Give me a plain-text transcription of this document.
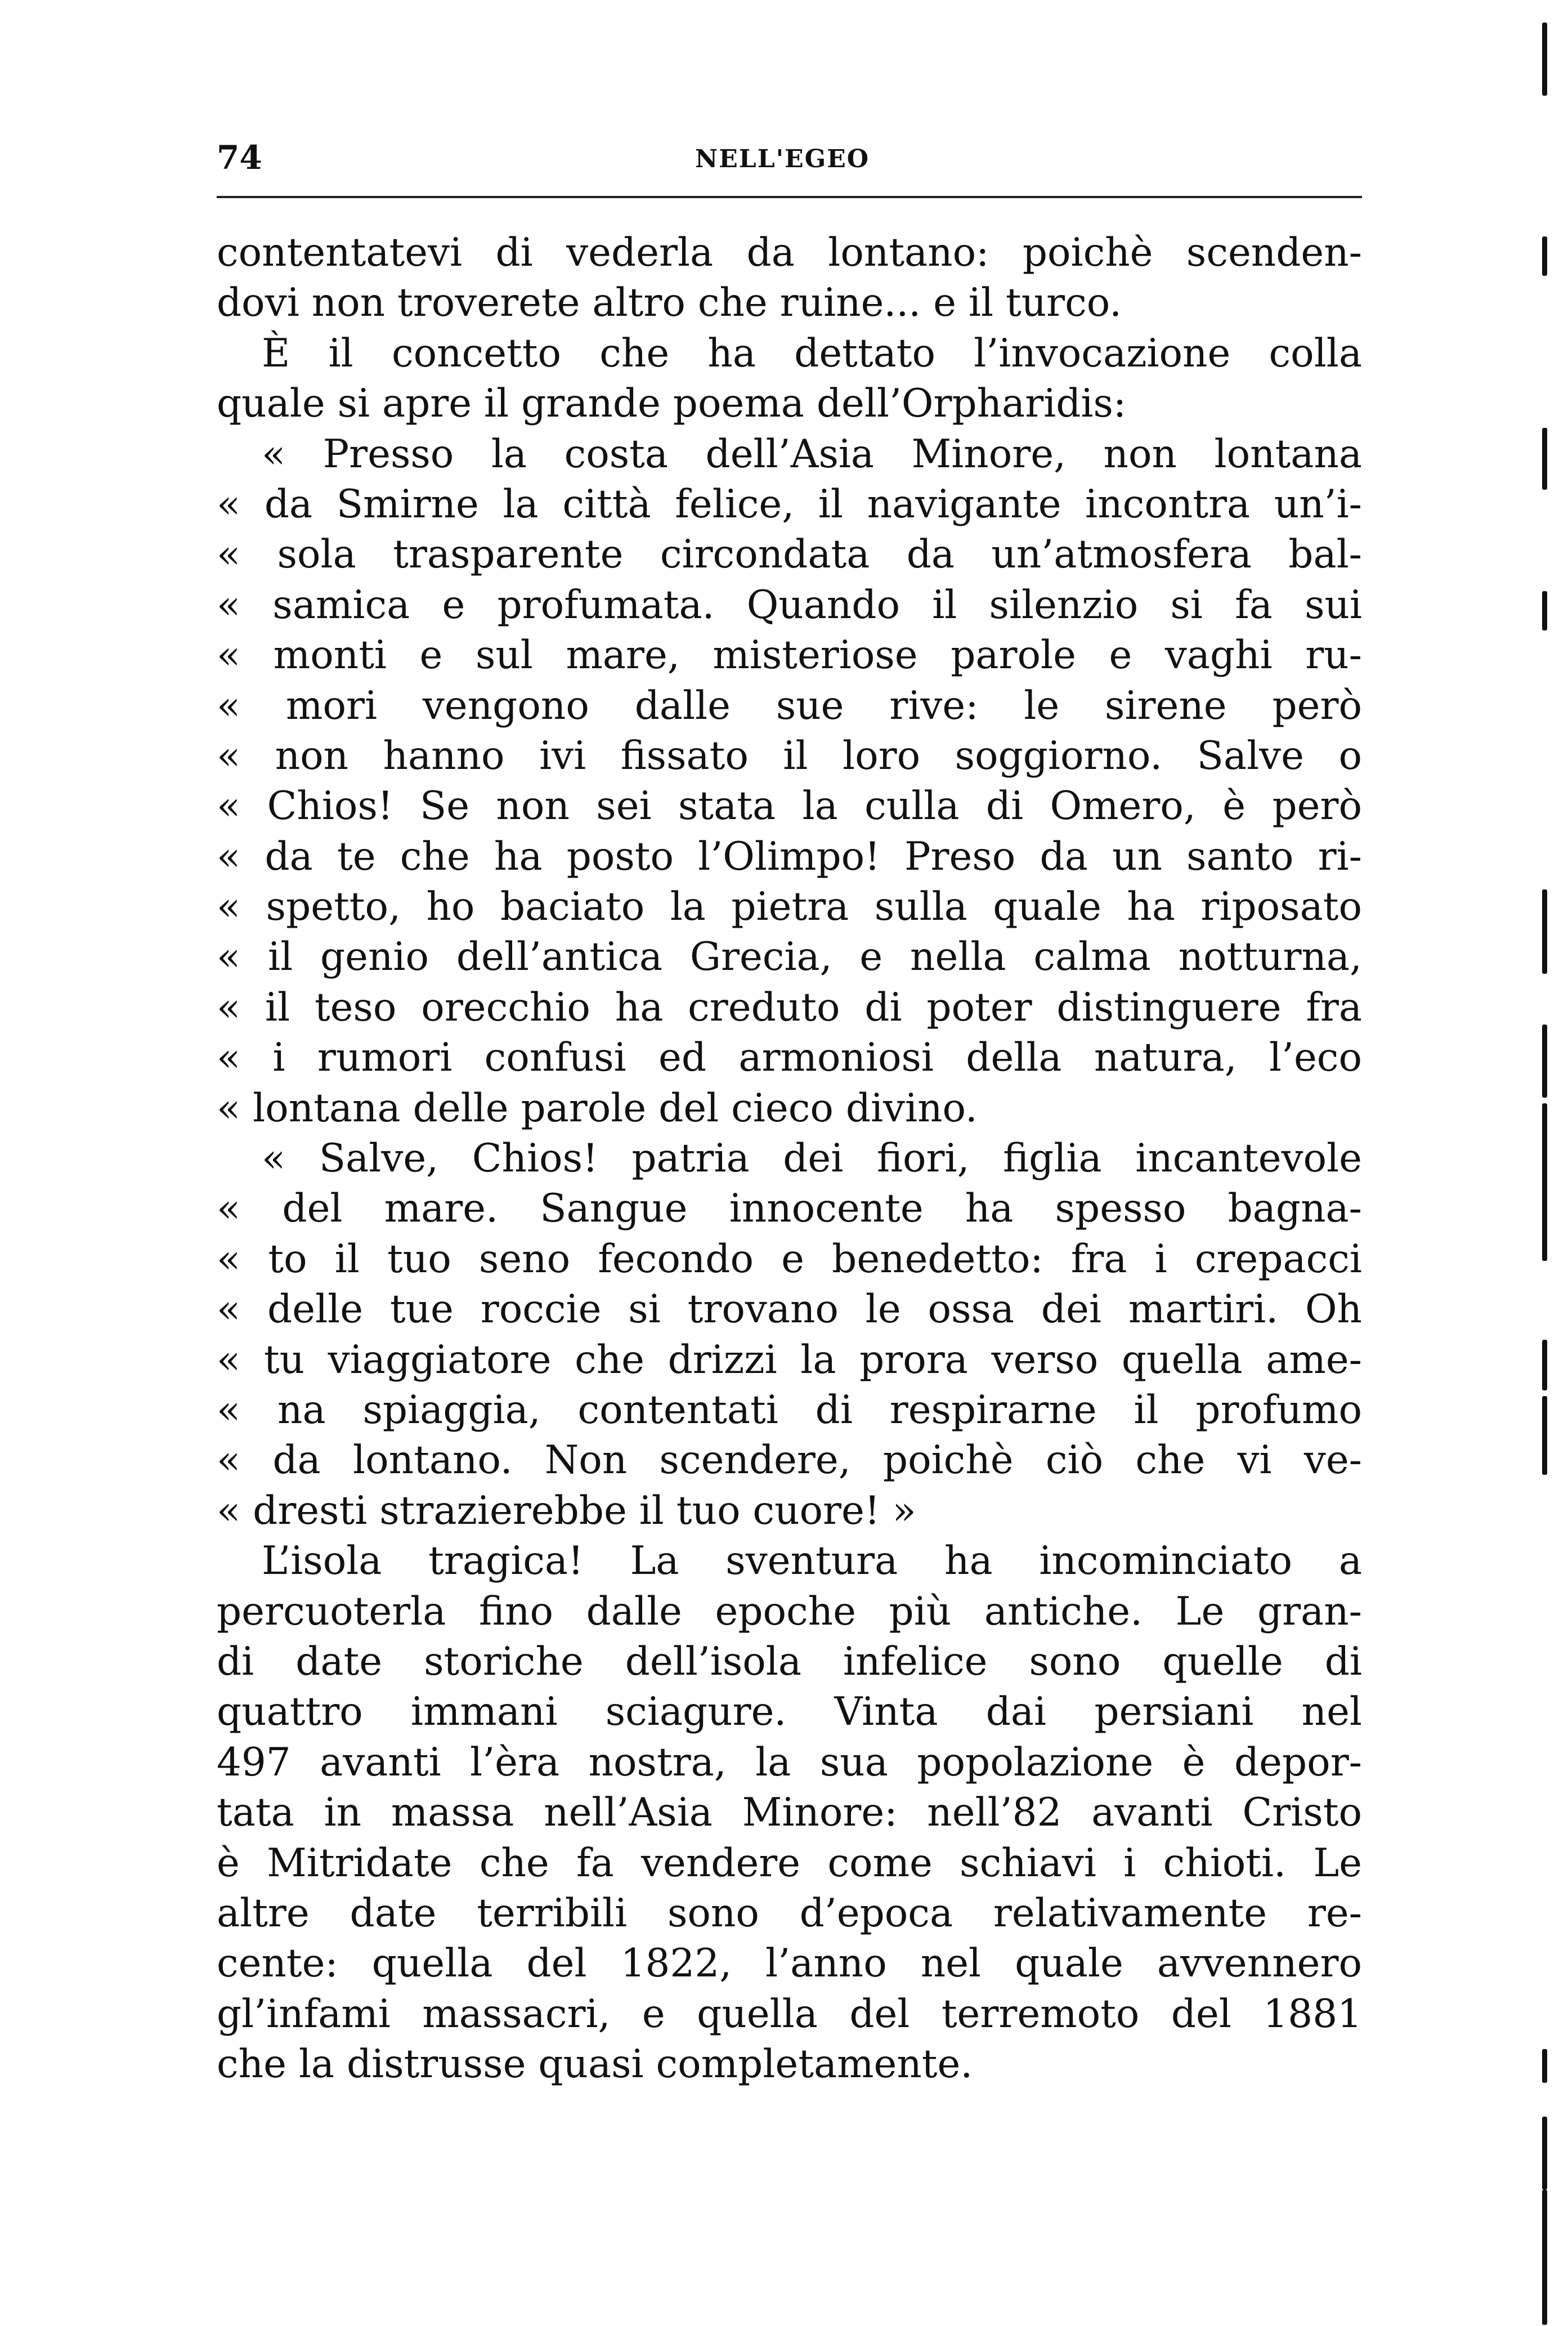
74	NELL'EGEO
contentatevi di vederla da lontano: poichè scenden-
dovi non troverete altro che ruine... e il turco.
È il concetto che ha dettato l’invocazione colla
quale si apre il grande poema dell’Orpharidis:
« Presso la costa dell’Asia Minore, non lontana
« da Smirne la città felice, il navigante incontra un’i-
« sola trasparente circondata da un’atmosfera bal-
« samica e profumata. Quando il silenzio si fa sui
« monti e sul mare, misteriose parole e vaghi ru-
« mori vengono dalle sue rive: le sirene però
« non hanno ivi fissato il loro soggiorno. Salve o
« Chios! Se non sei stata la culla di Omero, è però
« da te che ha posto l’Olimpo! Preso da un santo ri-
« spetto, ho baciato la pietra sulla quale ha riposato
« il genio dell’antica Grecia, e nella calma notturna,
« il teso orecchio ha creduto di poter distinguere fra
« i rumori confusi ed armoniosi della natura, l’eco
« lontana delle parole del cieco divino.
« Salve, Chios! patria dei fiori, figlia incantevole
« del mare. Sangue innocente ha spesso bagna-
« to il tuo seno fecondo e benedetto: fra i crepacci
« delle tue roccie si trovano le ossa dei martiri. Oh
« tu viaggiatore che drizzi la prora verso quella ame-
« na spiaggia, contentati di respirarne il profumo
« da lontano. Non scendere, poichè ciò che vi ve-
« dresti strazierebbe il tuo cuore! »
L’isola tragica! La sventura ha incominciato a
percuoterla fino dalle epoche più antiche. Le gran-
di date storiche dell’isola infelice sono quelle di
quattro immani sciagure. Vinta dai persiani nel
497 avanti l’èra nostra, la sua popolazione è depor-
tata in massa nell’Asia Minore: nell’82 avanti Cristo
è Mitridate che fa vendere come schiavi i chioti. Le
altre date terribili sono d’epoca relativamente re-
cente: quella del 1822, l’anno nel quale avvennero
gl’infami massacri, e quella del terremoto del 1881
che la distrusse quasi completamente.
